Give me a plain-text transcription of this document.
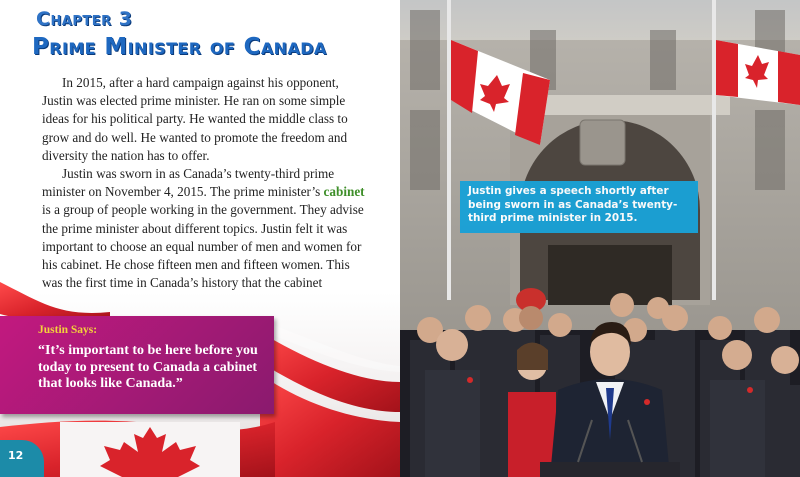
Chapter 3
Prime Minister of Canada

In 2015, after a hard campaign against his opponent, Justin was elected prime minister. He ran on some simple ideas for his political party. He wanted the middle class to grow and do well. He wanted to promote the freedom and diversity the nation has to offer.

Justin was sworn in as Canada’s twenty-third prime minister on November 4, 2015. The prime minister’s cabinet is a group of people working in the government. They advise the prime minister about different topics. Justin felt it was important to choose an equal number of men and women for his cabinet. He chose fifteen men and fifteen women. This was the first time in Canada’s history that the cabinet

Justin Says:
“It’s important to be here before you today to present to Canada a cabinet that looks like Canada.”
12
Justin gives a speech shortly after being sworn in as Canada’s twenty-third prime minister in 2015.
